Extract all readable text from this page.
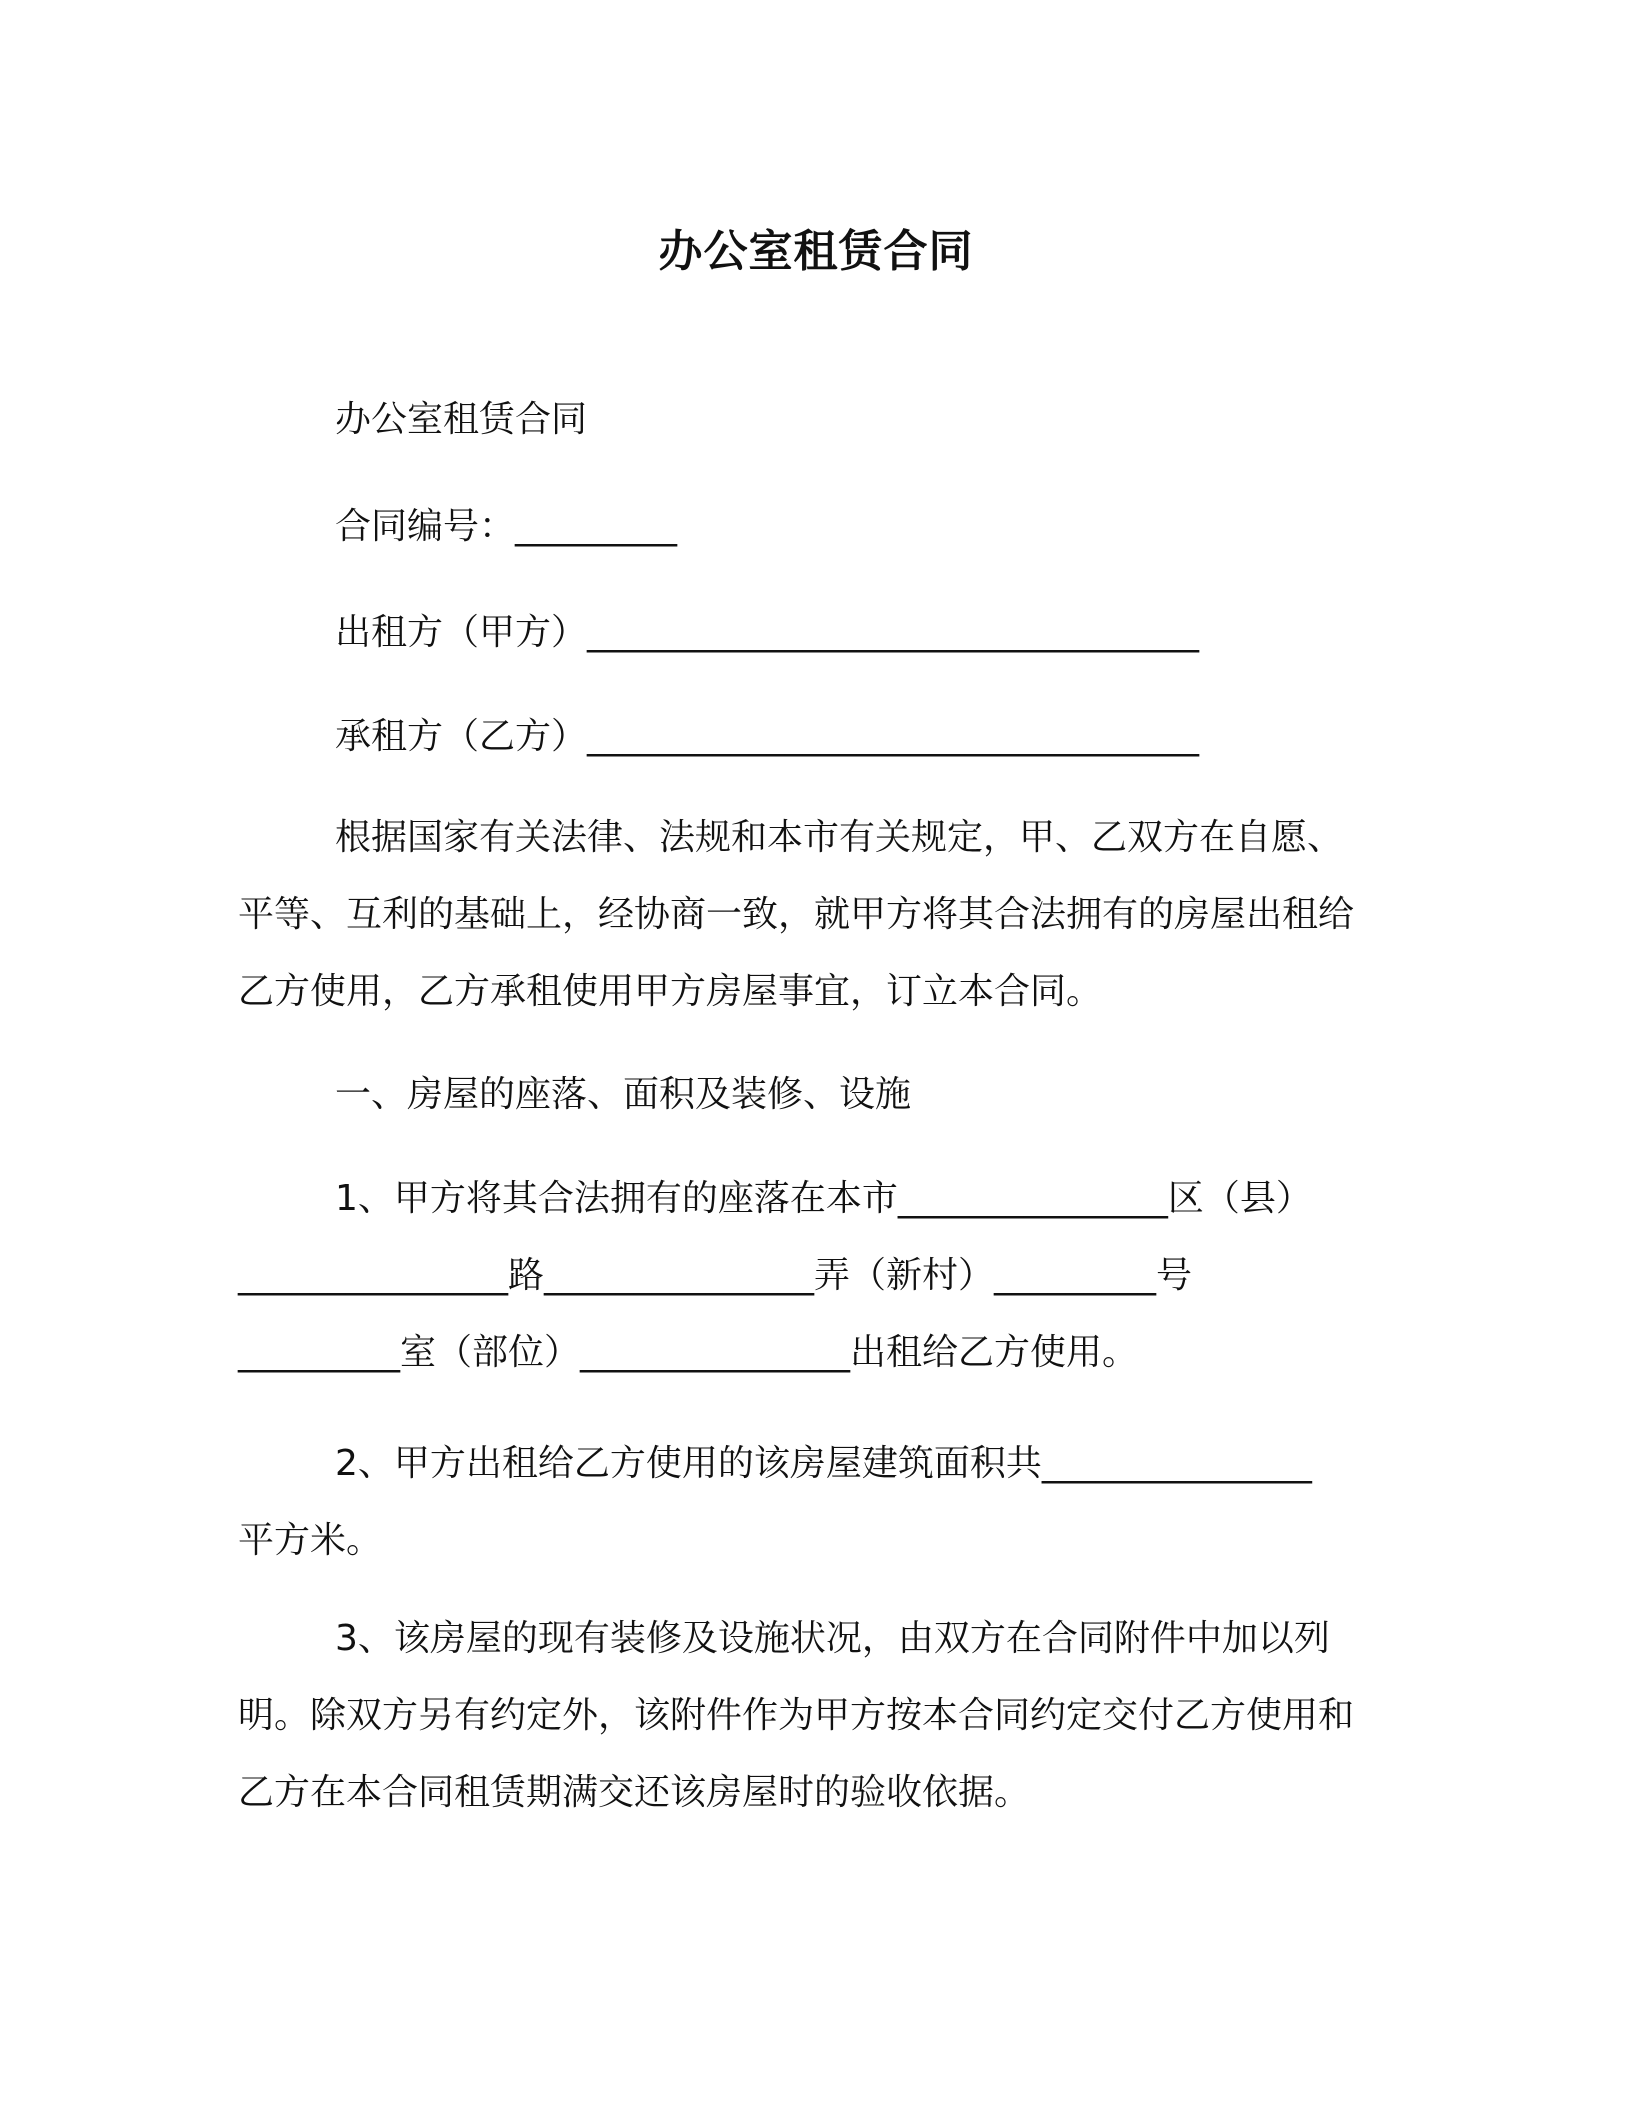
办公室租赁合同
办公室租赁合同
合同编号：_________
出租方（甲方）__________________________________
承租方（乙方）__________________________________
根据国家有关法律、法规和本市有关规定，甲、乙双方在自愿、平等、互利的基础上，经协商一致，就甲方将其合法拥有的房屋出租给乙方使用，乙方承租使用甲方房屋事宜，订立本合同。
一、房屋的座落、面积及装修、设施
1、甲方将其合法拥有的座落在本市_______________区（县）
_______________路_______________弄（新村）_________号
_________室（部位）_______________出租给乙方使用。
2、甲方出租给乙方使用的该房屋建筑面积共_______________
平方米。
3、该房屋的现有装修及设施状况，由双方在合同附件中加以列明。除双方另有约定外，该附件作为甲方按本合同约定交付乙方使用和乙方在本合同租赁期满交还该房屋时的验收依据。
